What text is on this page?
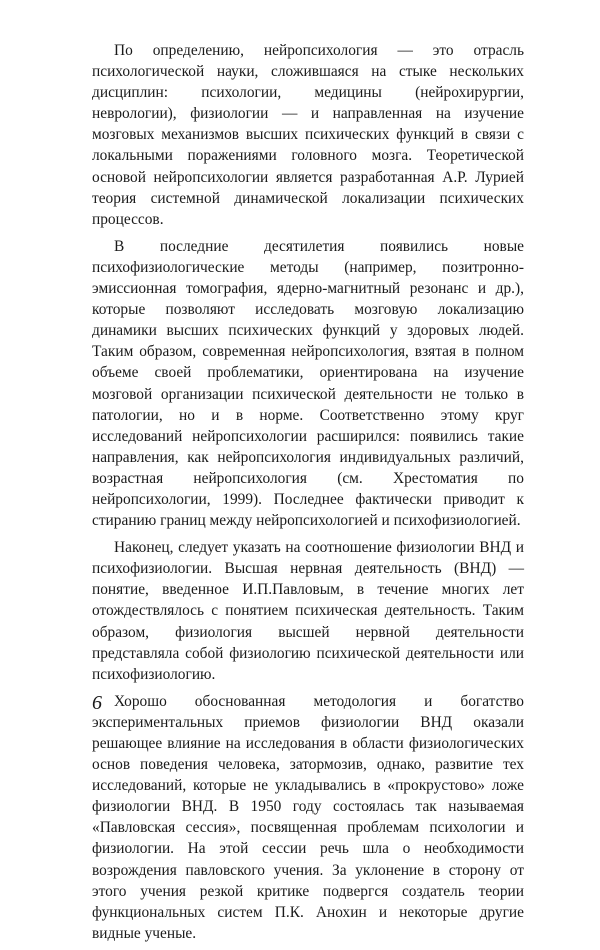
По определению, нейропсихология — это отрасль психологической науки, сложившаяся на стыке нескольких дисциплин: психологии, медицины (нейрохирургии, неврологии), физиологии — и направленная на изучение мозговых механизмов высших психических функций в связи с локальными поражениями головного мозга. Теоретической основой нейропсихологии является разработанная А.Р. Лурией теория системной динамической локализации психических процессов.

В последние десятилетия появились новые психофизиологические методы (например, позитронно-эмиссионная томография, ядерно-магнитный резонанс и др.), которые позволяют исследовать мозговую локализацию динамики высших психических функций у здоровых людей. Таким образом, современная нейропсихология, взятая в полном объеме своей проблематики, ориентирована на изучение мозговой организации психической деятельности не только в патологии, но и в норме. Соответственно этому круг исследований нейропсихологии расширился: появились такие направления, как нейропсихология индивидуальных различий, возрастная нейропсихология (см. Хрестоматия по нейропсихологии, 1999). Последнее фактически приводит к стиранию границ между нейропсихологией и психофизиологией.

Наконец, следует указать на соотношение физиологии ВНД и психофизиологии. Высшая нервная деятельность (ВНД) — понятие, введенное И.П.Павловым, в течение многих лет отождествлялось с понятием психическая деятельность. Таким образом, физиология высшей нервной деятельности представляла собой физиологию психической деятельности или психофизиологию.

Хорошо обоснованная методология и богатство экспериментальных приемов физиологии ВНД оказали решающее влияние на исследования в области физиологических основ поведения человека, затормозив, однако, развитие тех исследований, которые не укладывались в «прокрустово» ложе физиологии ВНД. В 1950 году состоялась так называемая «Павловская сессия», посвященная проблемам психологии и физиологии. На этой сессии речь шла о необходимости возрождения павловского учения. За уклонение в сторону от этого учения резкой критике подвергся создатель теории функциональных систем П.К. Анохин и некоторые другие видные ученые.

6
